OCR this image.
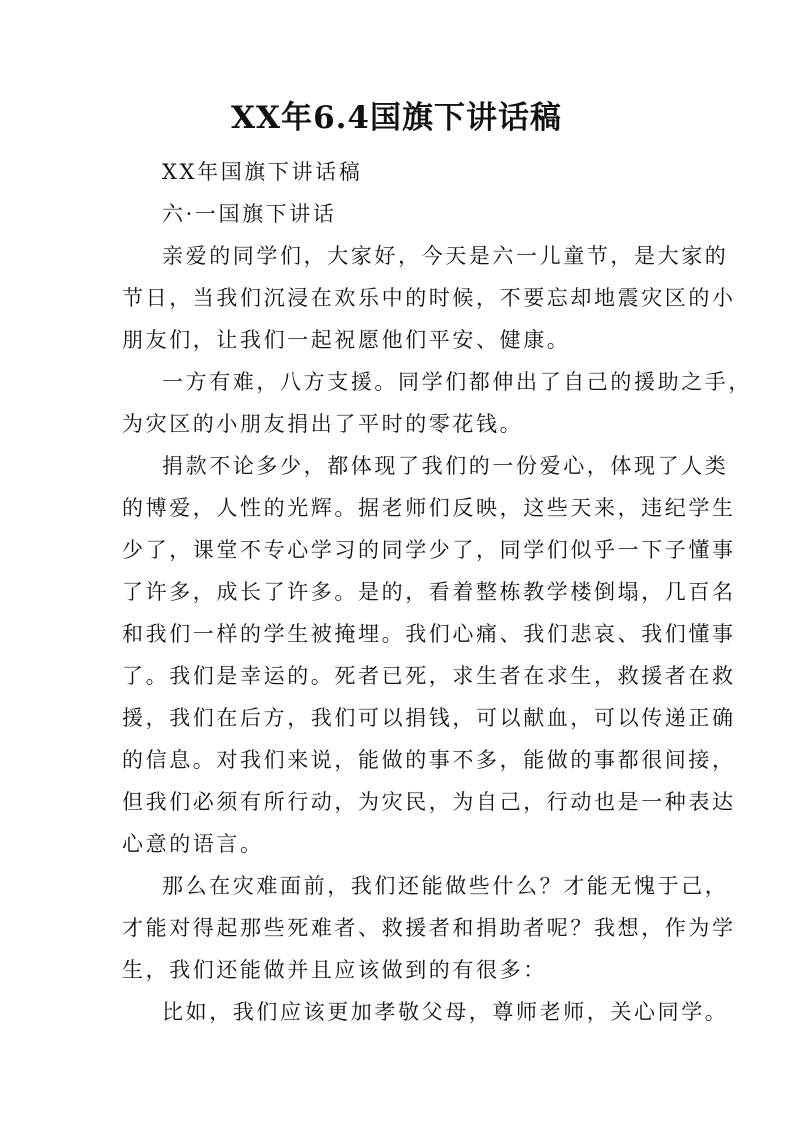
XX年6.4国旗下讲话稿
XX年国旗下讲话稿
六·一国旗下讲话
亲爱的同学们，大家好，今天是六一儿童节，是大家的
节日，当我们沉浸在欢乐中的时候，不要忘却地震灾区的小
朋友们，让我们一起祝愿他们平安、健康。
一方有难，八方支援。同学们都伸出了自己的援助之手，
为灾区的小朋友捐出了平时的零花钱。
捐款不论多少，都体现了我们的一份爱心，体现了人类
的博爱，人性的光辉。据老师们反映，这些天来，违纪学生
少了，课堂不专心学习的同学少了，同学们似乎一下子懂事
了许多，成长了许多。是的，看着整栋教学楼倒塌，几百名
和我们一样的学生被掩埋。我们心痛、我们悲哀、我们懂事
了。我们是幸运的。死者已死，求生者在求生，救援者在救
援，我们在后方，我们可以捐钱，可以献血，可以传递正确
的信息。对我们来说，能做的事不多，能做的事都很间接，
但我们必须有所行动，为灾民，为自己，行动也是一种表达
心意的语言。
那么在灾难面前，我们还能做些什么？才能无愧于己，
才能对得起那些死难者、救援者和捐助者呢？我想，作为学
生，我们还能做并且应该做到的有很多：
比如，我们应该更加孝敬父母，尊师老师，关心同学。
